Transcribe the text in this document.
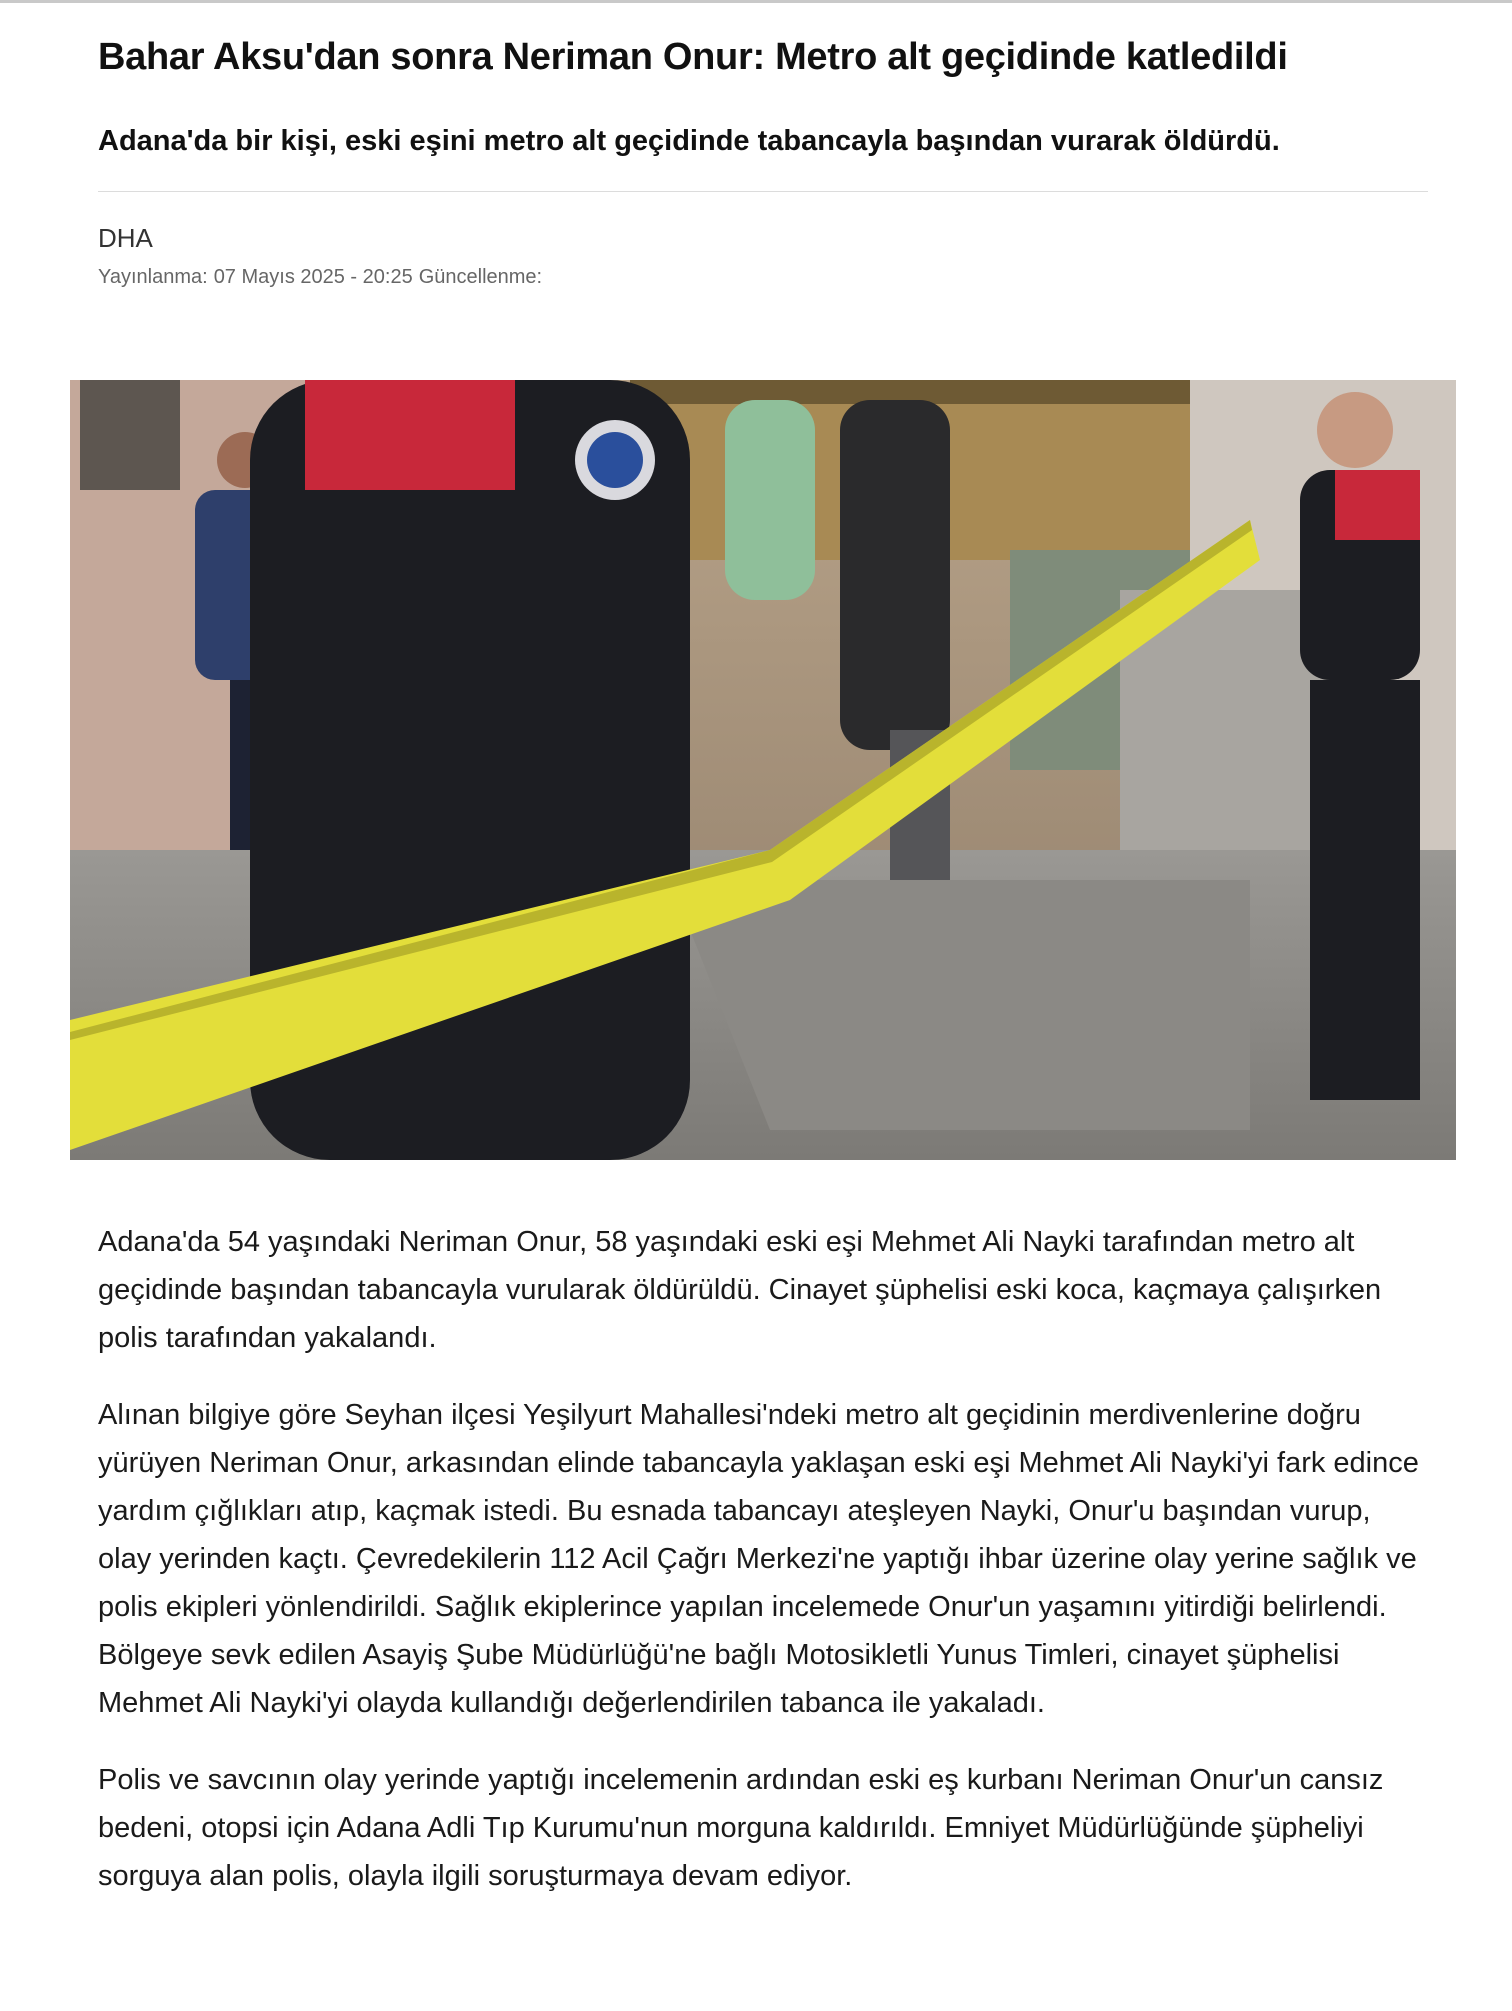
Bahar Aksu'dan sonra Neriman Onur: Metro alt geçidinde katledildi
Adana'da bir kişi, eski eşini metro alt geçidinde tabancayla başından vurarak öldürdü.
DHA
Yayınlanma: 07 Mayıs 2025 - 20:25 Güncellenme:

Adana'da 54 yaşındaki Neriman Onur, 58 yaşındaki eski eşi Mehmet Ali Nayki tarafından metro alt geçidinde başından tabancayla vurularak öldürüldü. Cinayet şüphelisi eski koca, kaçmaya çalışırken polis tarafından yakalandı.

Alınan bilgiye göre Seyhan ilçesi Yeşilyurt Mahallesi'ndeki metro alt geçidinin merdivenlerine doğru yürüyen Neriman Onur, arkasından elinde tabancayla yaklaşan eski eşi Mehmet Ali Nayki'yi fark edince yardım çığlıkları atıp, kaçmak istedi. Bu esnada tabancayı ateşleyen Nayki, Onur'u başından vurup, olay yerinden kaçtı. Çevredekilerin 112 Acil Çağrı Merkezi'ne yaptığı ihbar üzerine olay yerine sağlık ve polis ekipleri yönlendirildi. Sağlık ekiplerince yapılan incelemede Onur'un yaşamını yitirdiği belirlendi. Bölgeye sevk edilen Asayiş Şube Müdürlüğü'ne bağlı Motosikletli Yunus Timleri, cinayet şüphelisi Mehmet Ali Nayki'yi olayda kullandığı değerlendirilen tabanca ile yakaladı.

Polis ve savcının olay yerinde yaptığı incelemenin ardından eski eş kurbanı Neriman Onur'un cansız bedeni, otopsi için Adana Adli Tıp Kurumu'nun morguna kaldırıldı. Emniyet Müdürlüğünde şüpheliyi sorguya alan polis, olayla ilgili soruşturmaya devam ediyor.
